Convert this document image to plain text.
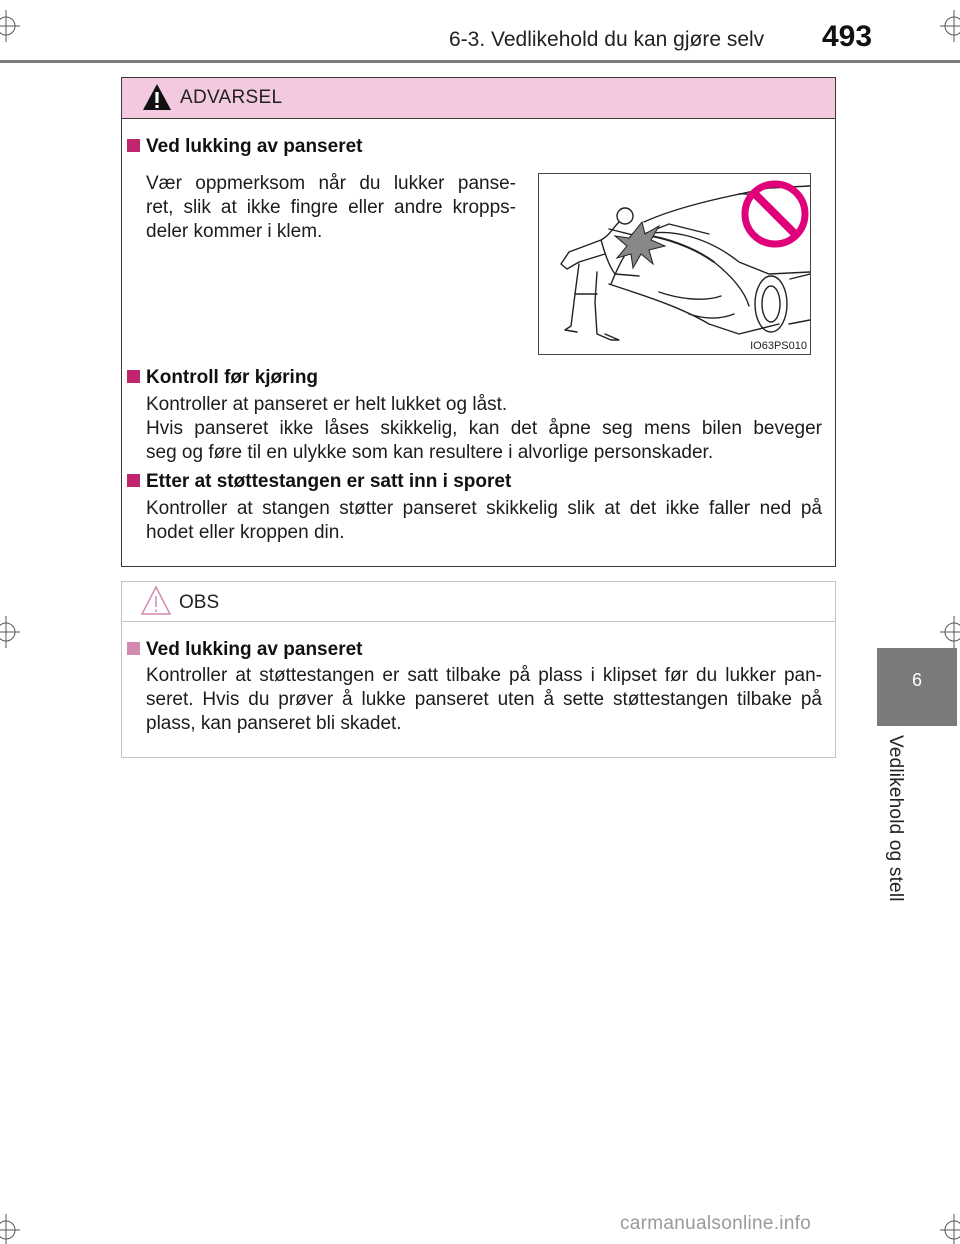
6-3. Vedlikehold du kan gjøre selv 493
6
Vedlikehold og stell
ADVARSEL
Ved lukking av panseret
Vær oppmerksom når du lukker panse-
ret, slik at ikke fingre eller andre kropps-
deler kommer i klem.
IO63PS010
Kontroll før kjøring
Kontroller at panseret er helt lukket og låst.
Hvis panseret ikke låses skikkelig, kan det åpne seg mens bilen beveger
seg og føre til en ulykke som kan resultere i alvorlige personskader.
Etter at støttestangen er satt inn i sporet
Kontroller at stangen støtter panseret skikkelig slik at det ikke faller ned på
hodet eller kroppen din.
OBS
Ved lukking av panseret
Kontroller at støttestangen er satt tilbake på plass i klipset før du lukker pan-
seret. Hvis du prøver å lukke panseret uten å sette støttestangen tilbake på
plass, kan panseret bli skadet.
carmanualsonline.info
